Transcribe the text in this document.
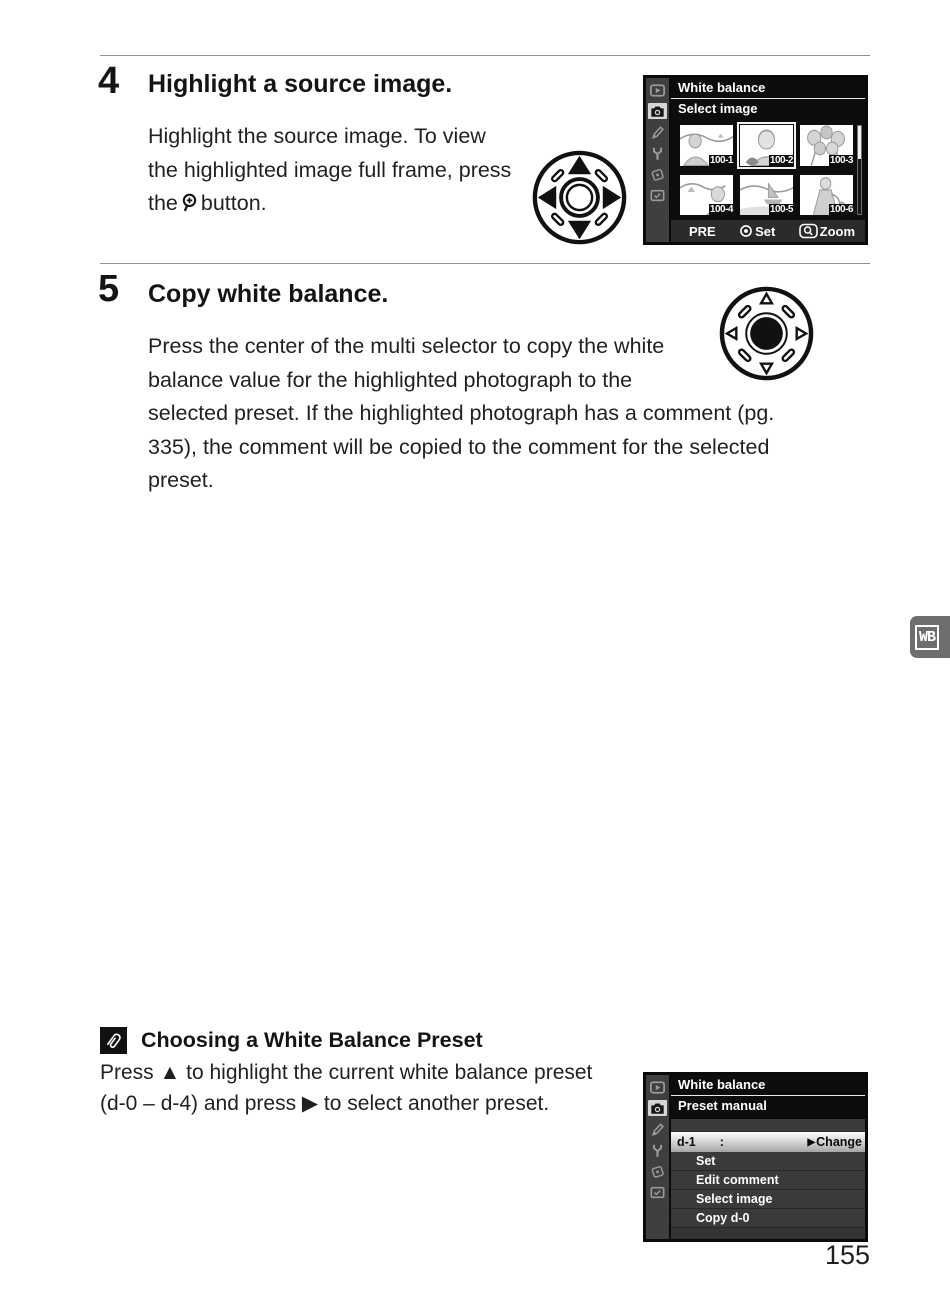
4 Highlight a source image.
Highlight the source image. To view the highlighted image full frame, press the button.
White balance
Select image
100-1	100-2	100-3
100-4	100-5	100-6
PRE	Set	Zoom
5 Copy white balance.
Press the center of the multi selector to copy the white balance value for the highlighted photograph to the selected preset. If the highlighted photograph has a comment (pg. 335), the comment will be copied to the comment for the selected preset.
WB
Choosing a White Balance Preset
Press ▲ to highlight the current white balance preset (d-0 – d-4) and press ▶ to select another preset.
White balance
Preset manual
d-1 :	▶ Change
Set
Edit comment
Select image
Copy d-0
155
